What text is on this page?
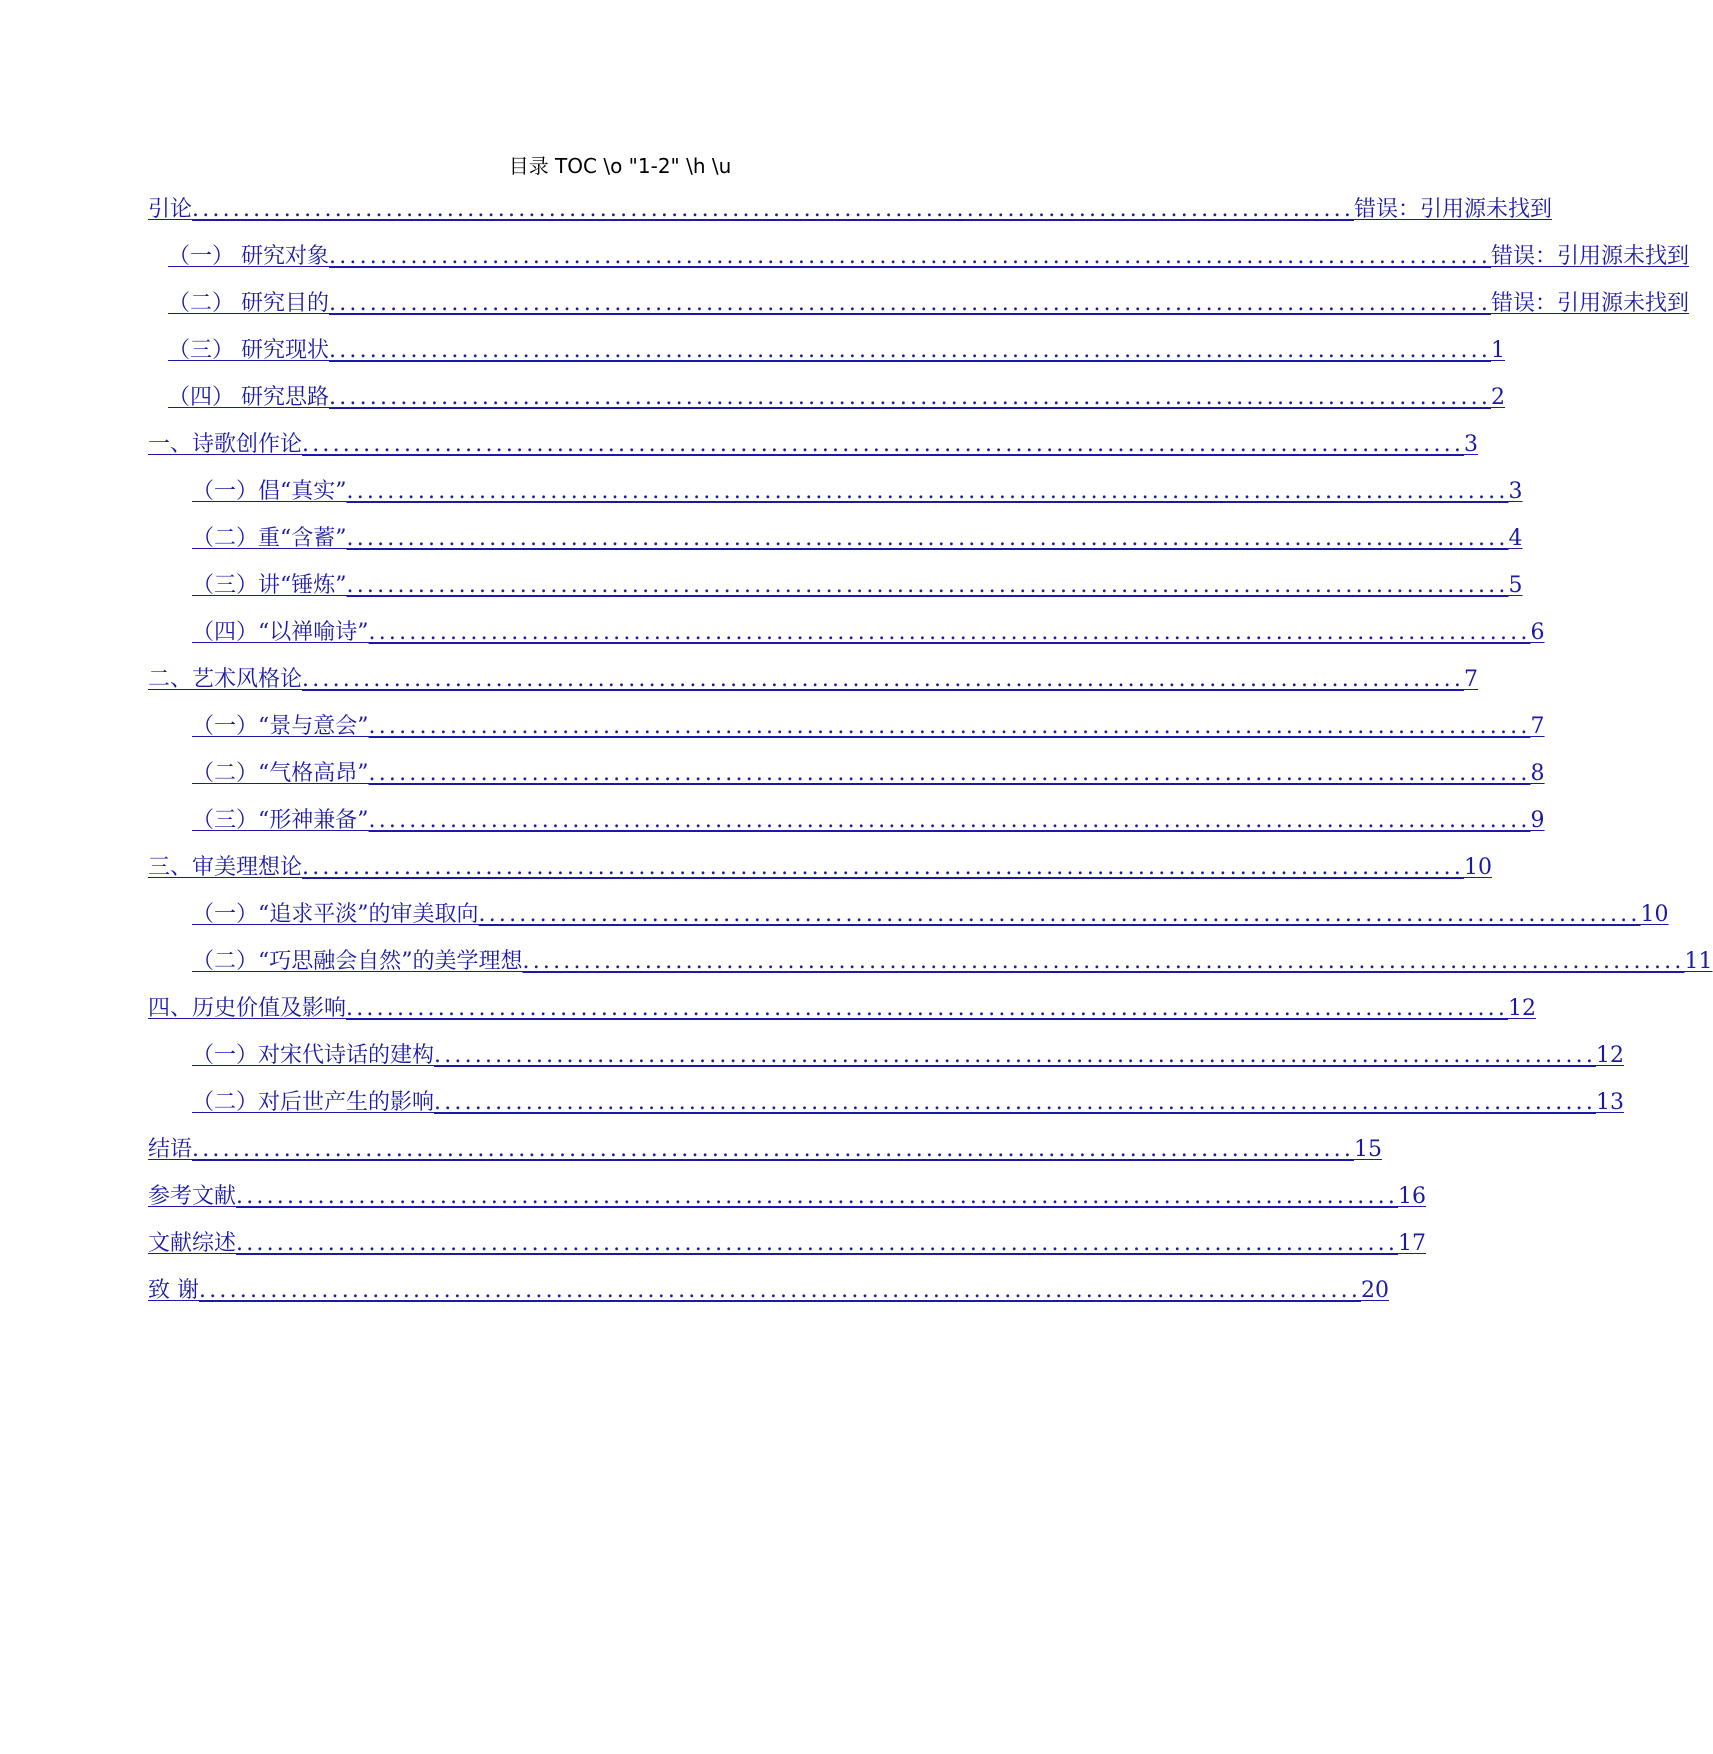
目录 TOC \o "1-2" \h \u
引论 .................................................................................................................. 错误：引用源未找到
（一） 研究对象 .................................................................................................................. 错误：引用源未找到
（二） 研究目的 .................................................................................................................. 错误：引用源未找到
（三） 研究现状 .................................................................................................................. 1
（四） 研究思路 .................................................................................................................. 2
一、诗歌创作论 .................................................................................................................. 3
（一）倡“真实” .................................................................................................................. 3
（二）重“含蓄” .................................................................................................................. 4
（三）讲“锤炼” .................................................................................................................. 5
（四）“以禅喻诗” .................................................................................................................. 6
二、艺术风格论 .................................................................................................................. 7
（一）“景与意会” .................................................................................................................. 7
（二）“气格高昂” .................................................................................................................. 8
（三）“形神兼备” .................................................................................................................. 9
三、审美理想论 .................................................................................................................. 10
（一）“追求平淡”的审美取向 .................................................................................................................. 10
（二）“巧思融会自然”的美学理想 .................................................................................................................. 11
四、历史价值及影响 .................................................................................................................. 12
（一）对宋代诗话的建构 .................................................................................................................. 12
（二）对后世产生的影响 .................................................................................................................. 13
结语 .................................................................................................................. 15
参考文献 .................................................................................................................. 16
文献综述 .................................................................................................................. 17
致 谢 .................................................................................................................. 20
